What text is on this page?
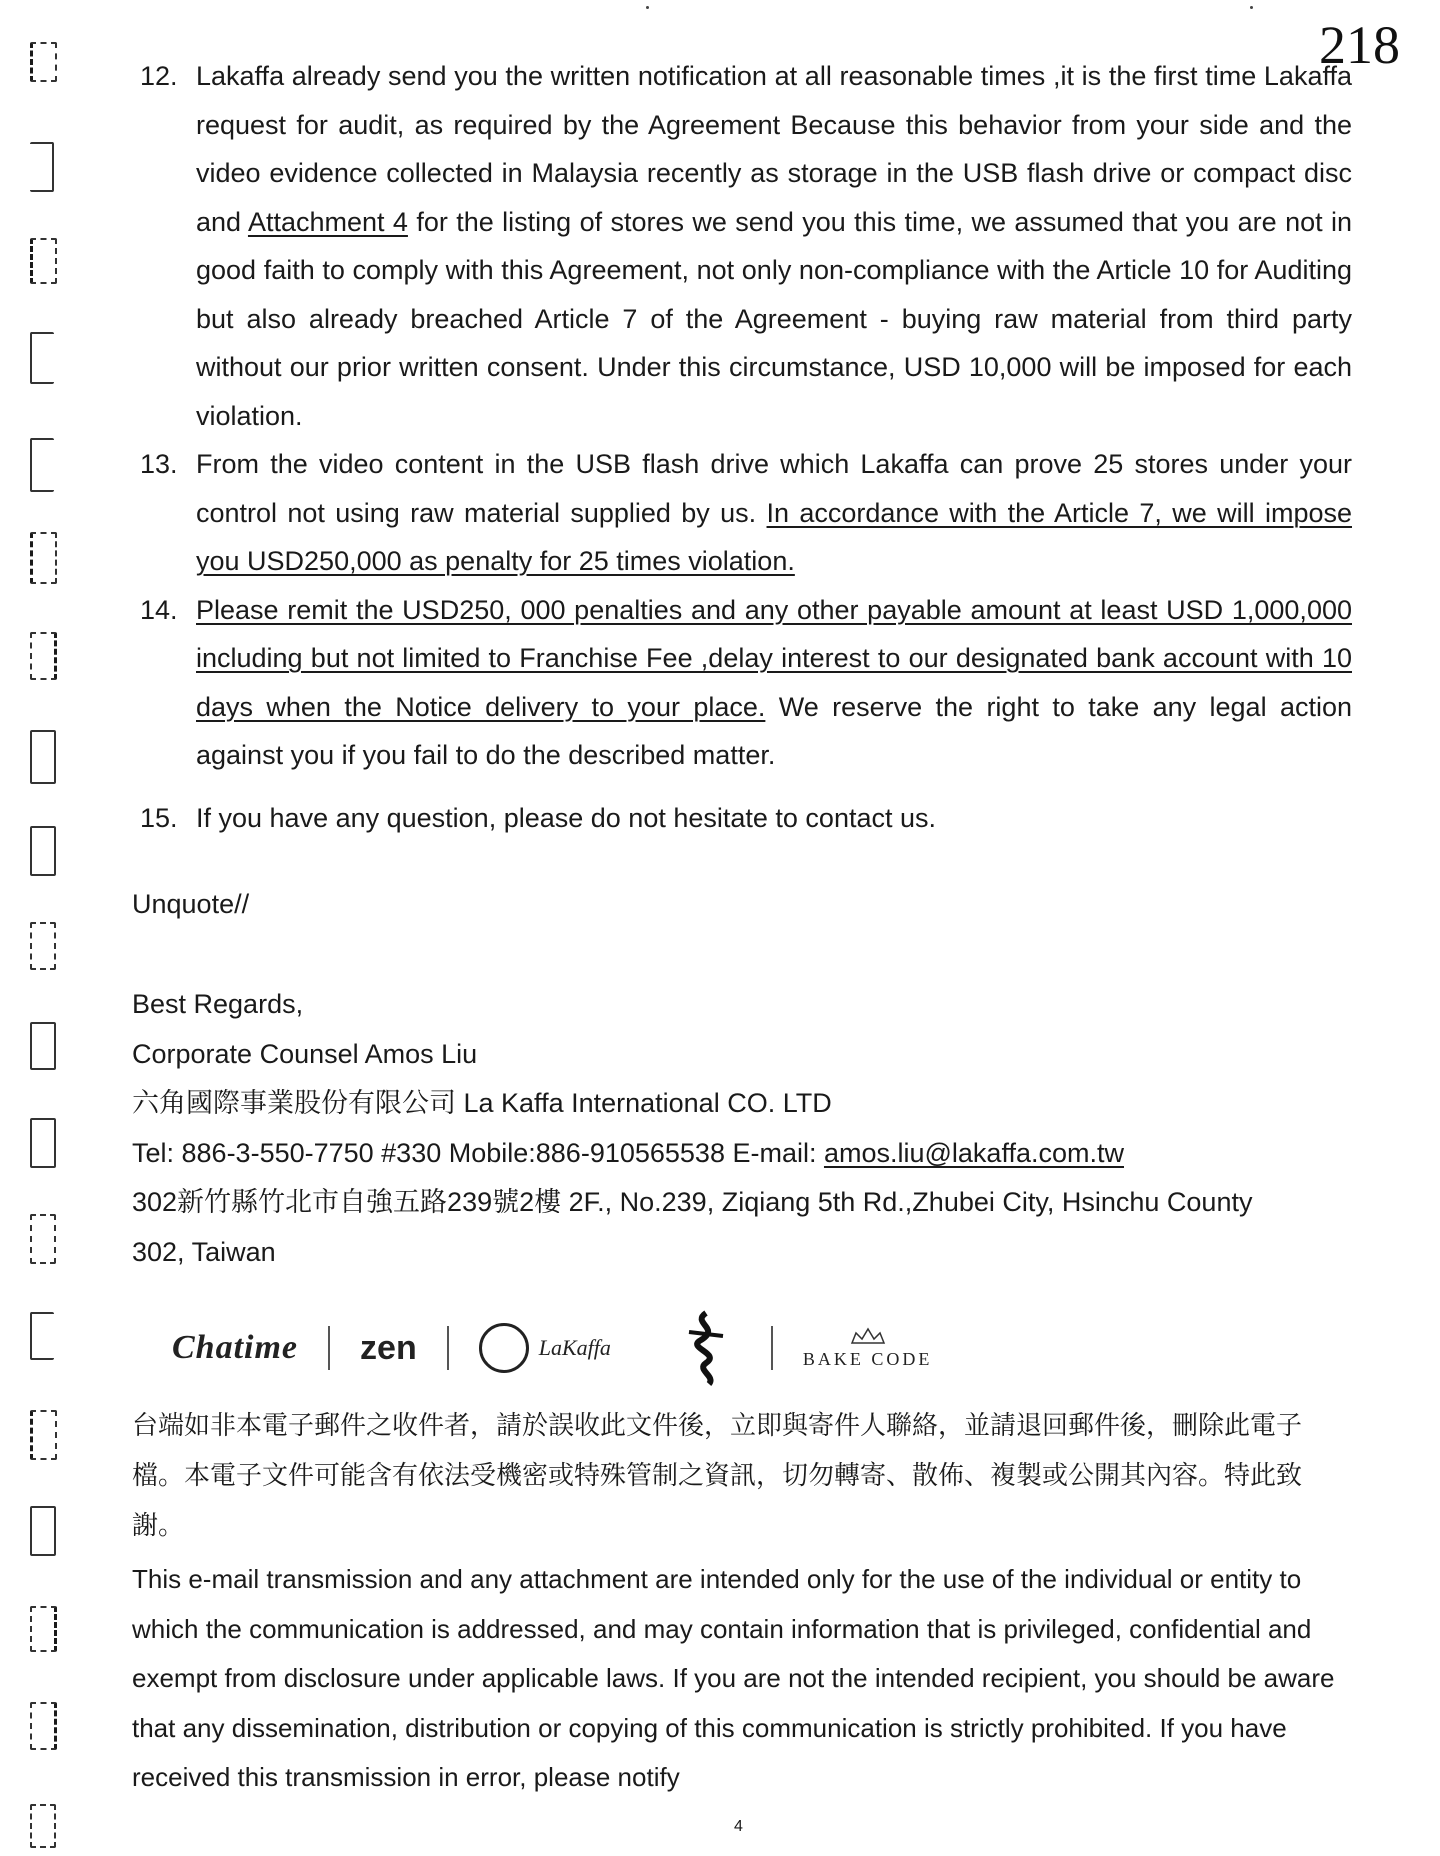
218
12. Lakaffa already send you the written notification at all reasonable times ,it is the first time Lakaffa request for audit, as required by the Agreement Because this behavior from your side and the video evidence collected in Malaysia recently as storage in the USB flash drive or compact disc and Attachment 4 for the listing of stores we send you this time, we assumed that you are not in good faith to comply with this Agreement, not only non-compliance with the Article 10 for Auditing but also already breached Article 7 of the Agreement - buying raw material from third party without our prior written consent. Under this circumstance, USD 10,000 will be imposed for each violation.
13. From the video content in the USB flash drive which Lakaffa can prove 25 stores under your control not using raw material supplied by us. In accordance with the Article 7, we will impose you USD250,000 as penalty for 25 times violation.
14. Please remit the USD250, 000 penalties and any other payable amount at least USD 1,000,000 including but not limited to Franchise Fee ,delay interest to our designated bank account with 10 days when the Notice delivery to your place. We reserve the right to take any legal action against you if you fail to do the described matter.
15. If you have any question, please do not hesitate to contact us.
Unquote//
Best Regards,
Corporate Counsel Amos Liu
六角國際事業股份有限公司 La Kaffa International CO. LTD
Tel: 886-3-550-7750 #330 Mobile:886-910565538 E-mail: amos.liu@lakaffa.com.tw
302新竹縣竹北市自強五路239號2樓 2F., No.239, Ziqiang 5th Rd.,Zhubei City, Hsinchu County
302, Taiwan
Chatime zen	LaKaffa	BAKE CODE
台端如非本電子郵件之收件者，請於誤收此文件後，立即與寄件人聯絡，並請退回郵件後，刪除此電子檔。本電子文件可能含有依法受機密或特殊管制之資訊，切勿轉寄、散佈、複製或公開其內容。特此致謝。
This e-mail transmission and any attachment are intended only for the use of the individual or entity to which the communication is addressed, and may contain information that is privileged, confidential and exempt from disclosure under applicable laws. If you are not the intended recipient, you should be aware that any dissemination, distribution or copying of this communication is strictly prohibited. If you have received this transmission in error, please notify
4
